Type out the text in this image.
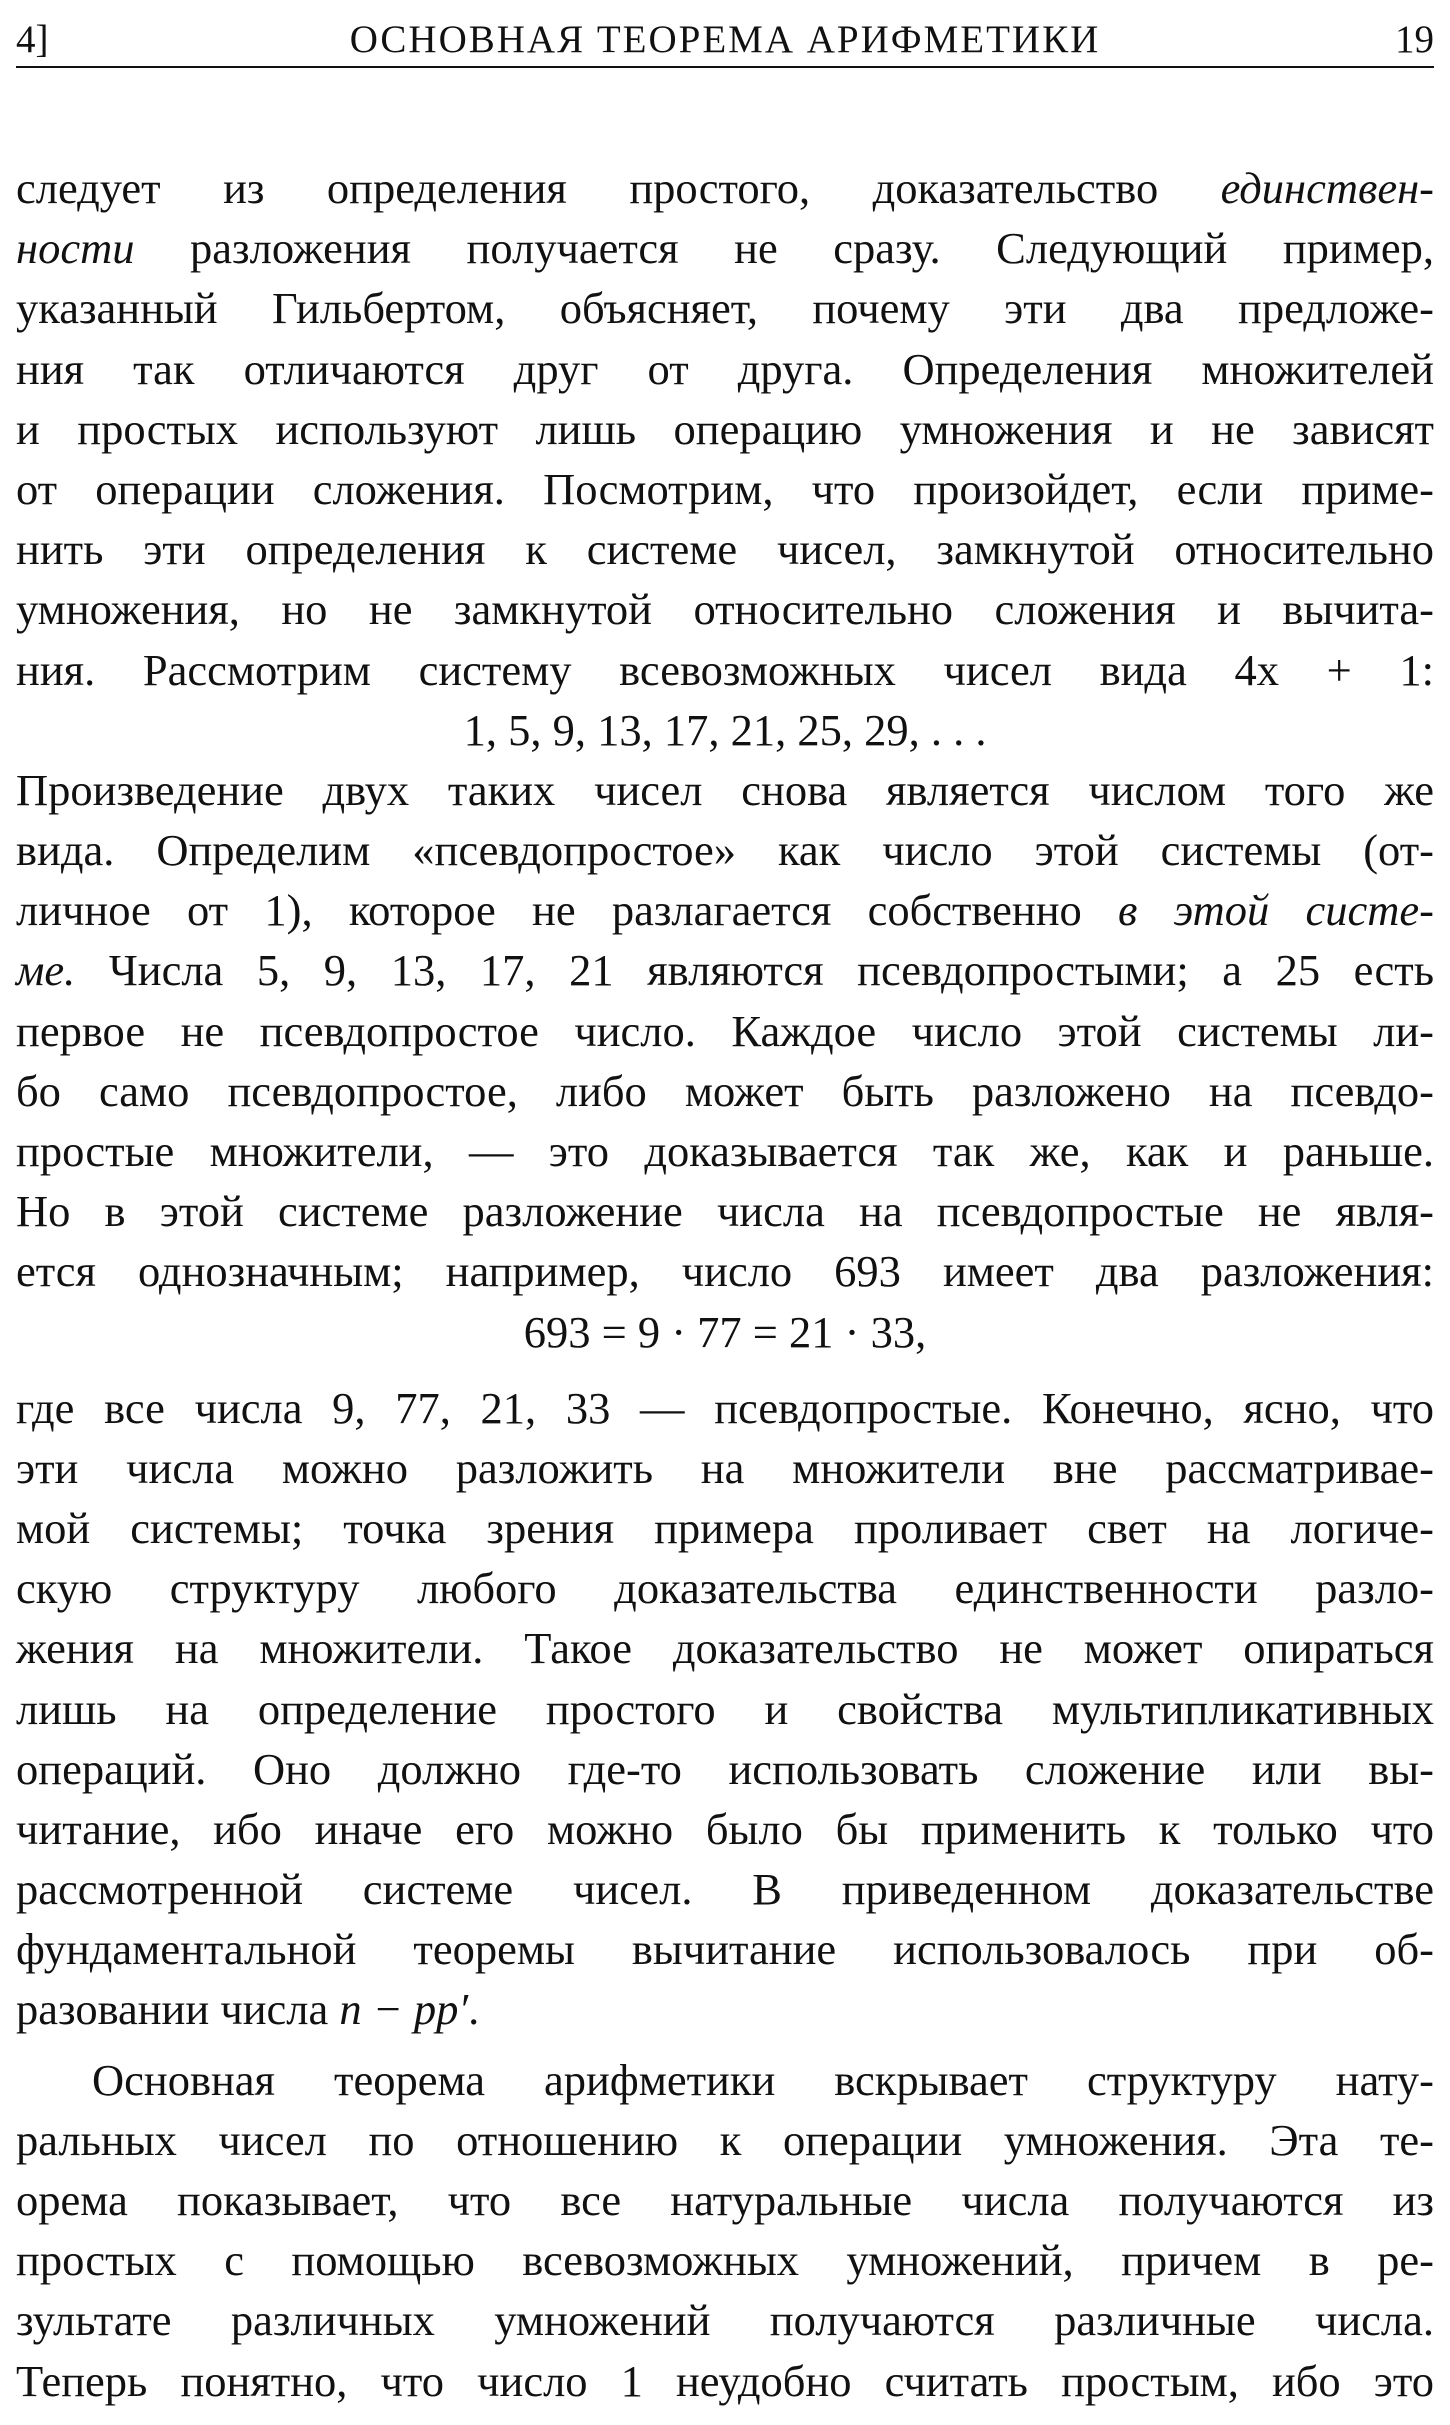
4]	ОСНОВНАЯ ТЕОРЕМА АРИФМЕТИКИ	19
следует из определения простого, доказательство единствен-
ности разложения получается не сразу. Следующий пример,
указанный Гильбертом, объясняет, почему эти два предложе-
ния так отличаются друг от друга. Определения множителей
и простых используют лишь операцию умножения и не зависят
от операции сложения. Посмотрим, что произойдет, если приме-
нить эти определения к системе чисел, замкнутой относительно
умножения, но не замкнутой относительно сложения и вычита-
ния. Рассмотрим систему всевозможных чисел вида 4x + 1:
1, 5, 9, 13, 17, 21, 25, 29, . . .
Произведение двух таких чисел снова является числом того же
вида. Определим «псевдопростое» как число этой системы (от-
личное от 1), которое не разлагается собственно в этой систе-
ме. Числа 5, 9, 13, 17, 21 являются псевдопростыми; а 25 есть
первое не псевдопростое число. Каждое число этой системы ли-
бо само псевдопростое, либо может быть разложено на псевдо-
простые множители, — это доказывается так же, как и раньше.
Но в этой системе разложение числа на псевдопростые не явля-
ется однозначным; например, число 693 имеет два разложения:
693 = 9 · 77 = 21 · 33,
где все числа 9, 77, 21, 33 — псевдопростые. Конечно, ясно, что
эти числа можно разложить на множители вне рассматривае-
мой системы; точка зрения примера проливает свет на логиче-
скую структуру любого доказательства единственности разло-
жения на множители. Такое доказательство не может опираться
лишь на определение простого и свойства мультипликативных
операций. Оно должно где-то использовать сложение или вы-
читание, ибо иначе его можно было бы применить к только что
рассмотренной системе чисел. В приведенном доказательстве
фундаментальной теоремы вычитание использовалось при об-
разовании числа n − pp′.
Основная теорема арифметики вскрывает структуру нату-
ральных чисел по отношению к операции умножения. Эта те-
орема показывает, что все натуральные числа получаются из
простых с помощью всевозможных умножений, причем в ре-
зультате различных умножений получаются различные числа.
Теперь понятно, что число 1 неудобно считать простым, ибо это
